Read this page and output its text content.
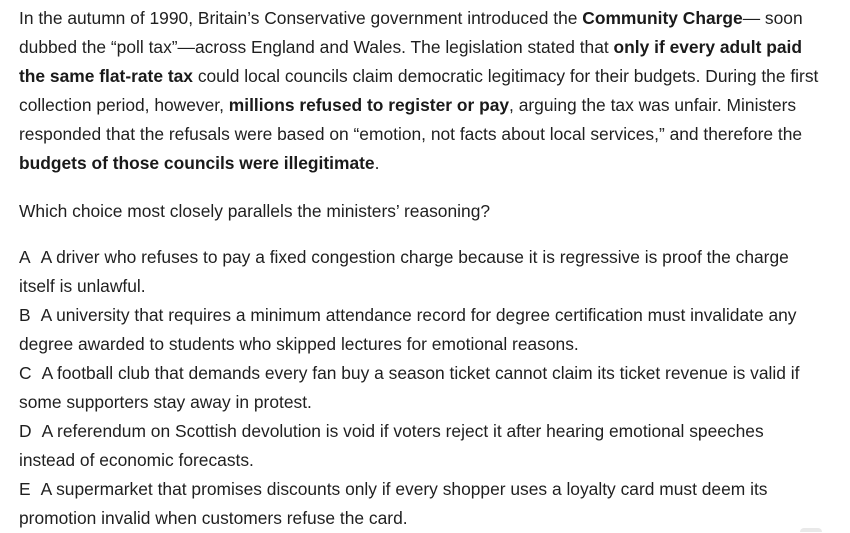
In the autumn of 1990, Britain’s Conservative government introduced the Community Charge— soon dubbed the “poll tax”—across England and Wales. The legislation stated that only if every adult paid the same flat-rate tax could local councils claim democratic legitimacy for their budgets. During the first collection period, however, millions refused to register or pay, arguing the tax was unfair. Ministers responded that the refusals were based on “emotion, not facts about local services,” and therefore the budgets of those councils were illegitimate.

Which choice most closely parallels the ministers’ reasoning?

A A driver who refuses to pay a fixed congestion charge because it is regressive is proof the charge itself is unlawful.

B A university that requires a minimum attendance record for degree certification must invalidate any degree awarded to students who skipped lectures for emotional reasons.

C A football club that demands every fan buy a season ticket cannot claim its ticket revenue is valid if some supporters stay away in protest.

D A referendum on Scottish devolution is void if voters reject it after hearing emotional speeches instead of economic forecasts.

E A supermarket that promises discounts only if every shopper uses a loyalty card must deem its promotion invalid when customers refuse the card.
